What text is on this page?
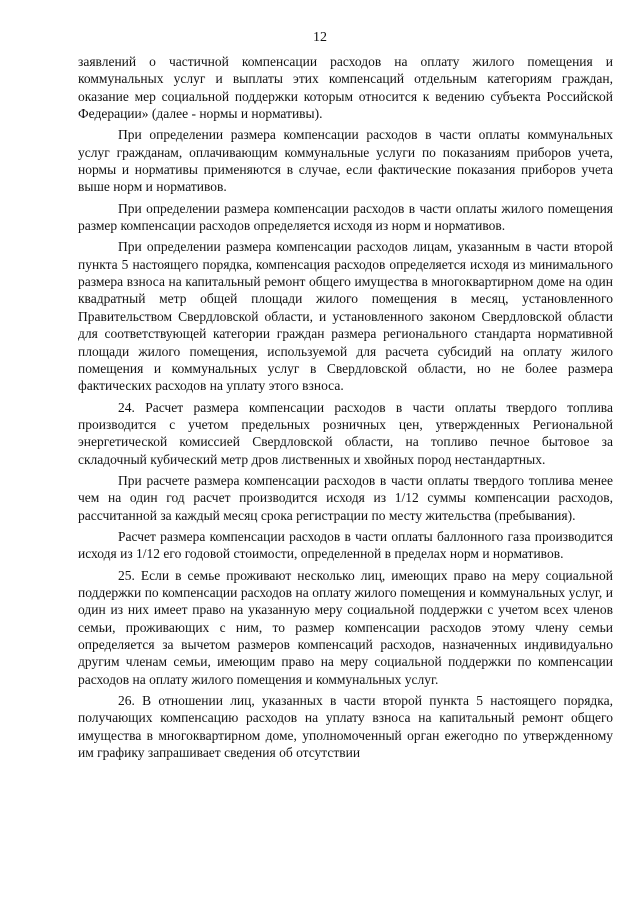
12

заявлений о частичной компенсации расходов на оплату жилого помещения и коммунальных услуг и выплаты этих компенсаций отдельным категориям граждан, оказание мер социальной поддержки которым относится к ведению субъекта Российской Федерации» (далее - нормы и нормативы).

При определении размера компенсации расходов в части оплаты коммунальных услуг гражданам, оплачивающим коммунальные услуги по показаниям приборов учета, нормы и нормативы применяются в случае, если фактические показания приборов учета выше норм и нормативов.

При определении размера компенсации расходов в части оплаты жилого помещения размер компенсации расходов определяется исходя из норм и нормативов.

При определении размера компенсации расходов лицам, указанным в части второй пункта 5 настоящего порядка, компенсация расходов определяется исходя из минимального размера взноса на капитальный ремонт общего имущества в многоквартирном доме на один квадратный метр общей площади жилого помещения в месяц, установленного Правительством Свердловской области, и установленного законом Свердловской области для соответствующей категории граждан размера регионального стандарта нормативной площади жилого помещения, используемой для расчета субсидий на оплату жилого помещения и коммунальных услуг в Свердловской области, но не более размера фактических расходов на уплату этого взноса.

24. Расчет размера компенсации расходов в части оплаты твердого топлива производится с учетом предельных розничных цен, утвержденных Региональной энергетической комиссией Свердловской области, на топливо печное бытовое за складочный кубический метр дров лиственных и хвойных пород нестандартных.

При расчете размера компенсации расходов в части оплаты твердого топлива менее чем на один год расчет производится исходя из 1/12 суммы компенсации расходов, рассчитанной за каждый месяц срока регистрации по месту жительства (пребывания).

Расчет размера компенсации расходов в части оплаты баллонного газа производится исходя из 1/12 его годовой стоимости, определенной в пределах норм и нормативов.

25. Если в семье проживают несколько лиц, имеющих право на меру социальной поддержки по компенсации расходов на оплату жилого помещения и коммунальных услуг, и один из них имеет право на указанную меру социальной поддержки с учетом всех членов семьи, проживающих с ним, то размер компенсации расходов этому члену семьи определяется за вычетом размеров компенсаций расходов, назначенных индивидуально другим членам семьи, имеющим право на меру социальной поддержки по компенсации расходов на оплату жилого помещения и коммунальных услуг.

26. В отношении лиц, указанных в части второй пункта 5 настоящего порядка, получающих компенсацию расходов на уплату взноса на капитальный ремонт общего имущества в многоквартирном доме, уполномоченный орган ежегодно по утвержденному им графику запрашивает сведения об отсутствии
